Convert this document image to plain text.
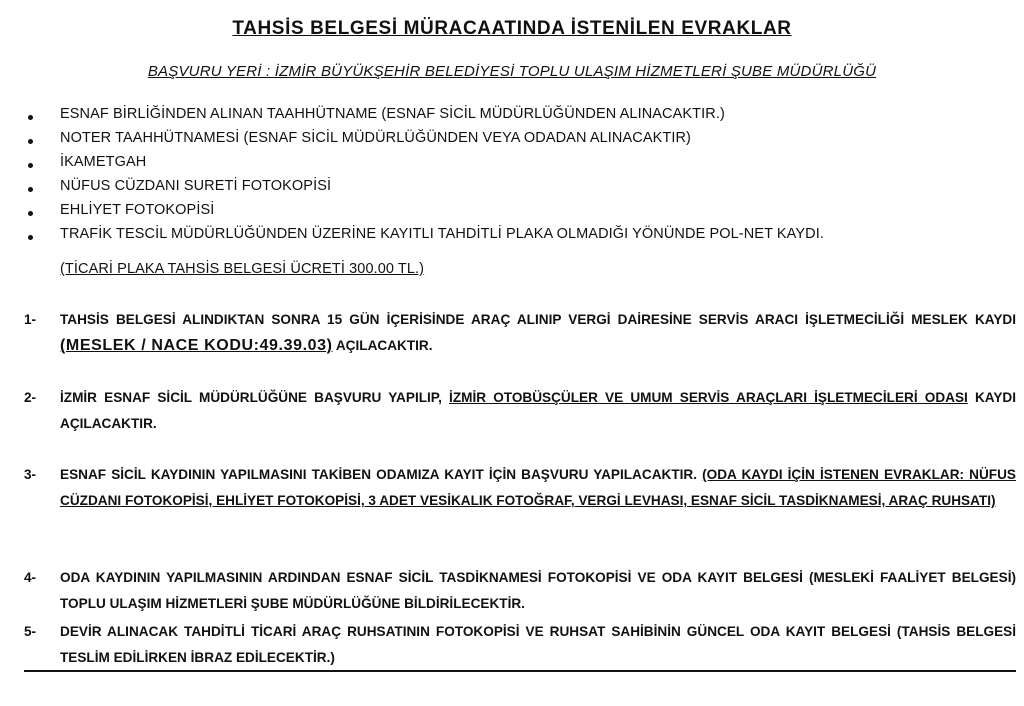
TAHSİS BELGESİ MÜRACAATINDA İSTENİLEN EVRAKLAR
BAŞVURU YERİ : İZMİR BÜYÜKŞEHİR BELEDİYESİ TOPLU ULAŞIM HİZMETLERİ ŞUBE MÜDÜRLÜĞÜ
ESNAF BİRLİĞİNDEN ALINAN TAAHHÜTNAME (ESNAF SİCİL MÜDÜRLÜĞÜNDEN ALINACAKTIR.)
NOTER TAAHHÜTNAMESİ (ESNAF SİCİL MÜDÜRLÜĞÜNDEN VEYA ODADAN ALINACAKTIR)
İKAMETGAH
NÜFUS CÜZDANI SURETİ FOTOKOPİSİ
EHLİYET FOTOKOPİSİ
TRAFİK TESCİL MÜDÜRLÜĞÜNDEN ÜZERİNE KAYITLI TAHDİTLİ PLAKA OLMADIĞI YÖNÜNDE POL-NET KAYDI.
(TİCARİ PLAKA TAHSİS BELGESİ ÜCRETİ 300.00 TL.)
1-	TAHSİS BELGESİ ALINDIKTAN SONRA 15 GÜN İÇERİSİNDE ARAÇ ALINIP VERGİ DAİRESİNE SERVİS ARACI İŞLETMECİLİĞİ MESLEK KAYDI (MESLEK / NACE KODU:49.39.03) AÇILACAKTIR.
2-	İZMİR ESNAF SİCİL MÜDÜRLÜĞÜNE BAŞVURU YAPILIP, İZMİR OTOBÜSÇÜLER VE UMUM SERVİS ARAÇLARI İŞLETMECİLERİ ODASI KAYDI AÇILACAKTIR.
3-	ESNAF SİCİL KAYDININ YAPILMASINI TAKİBEN ODAMIZA KAYIT İÇİN BAŞVURU YAPILACAKTIR. (ODA KAYDI İÇİN İSTENEN EVRAKLAR: NÜFUS CÜZDANI FOTOKOPİSİ, EHLİYET FOTOKOPİSİ, 3 ADET VESİKALIK FOTOĞRAF, VERGİ LEVHASI, ESNAF SİCİL TASDİKNAMESİ, ARAÇ RUHSATI)
4-	ODA KAYDININ YAPILMASININ ARDINDAN ESNAF SİCİL TASDİKNAMESİ FOTOKOPİSİ VE ODA KAYIT BELGESİ (MESLEKİ FAALİYET BELGESİ) TOPLU ULAŞIM HİZMETLERİ ŞUBE MÜDÜRLÜĞÜNE BİLDİRİLECEKTİR.
5-	DEVİR ALINACAK TAHDİTLİ TİCARİ ARAÇ RUHSATININ FOTOKOPİSİ VE RUHSAT SAHİBİNİN GÜNCEL ODA KAYIT BELGESİ (TAHSİS BELGESİ TESLİM EDİLİRKEN İBRAZ EDİLECEKTİR.)
